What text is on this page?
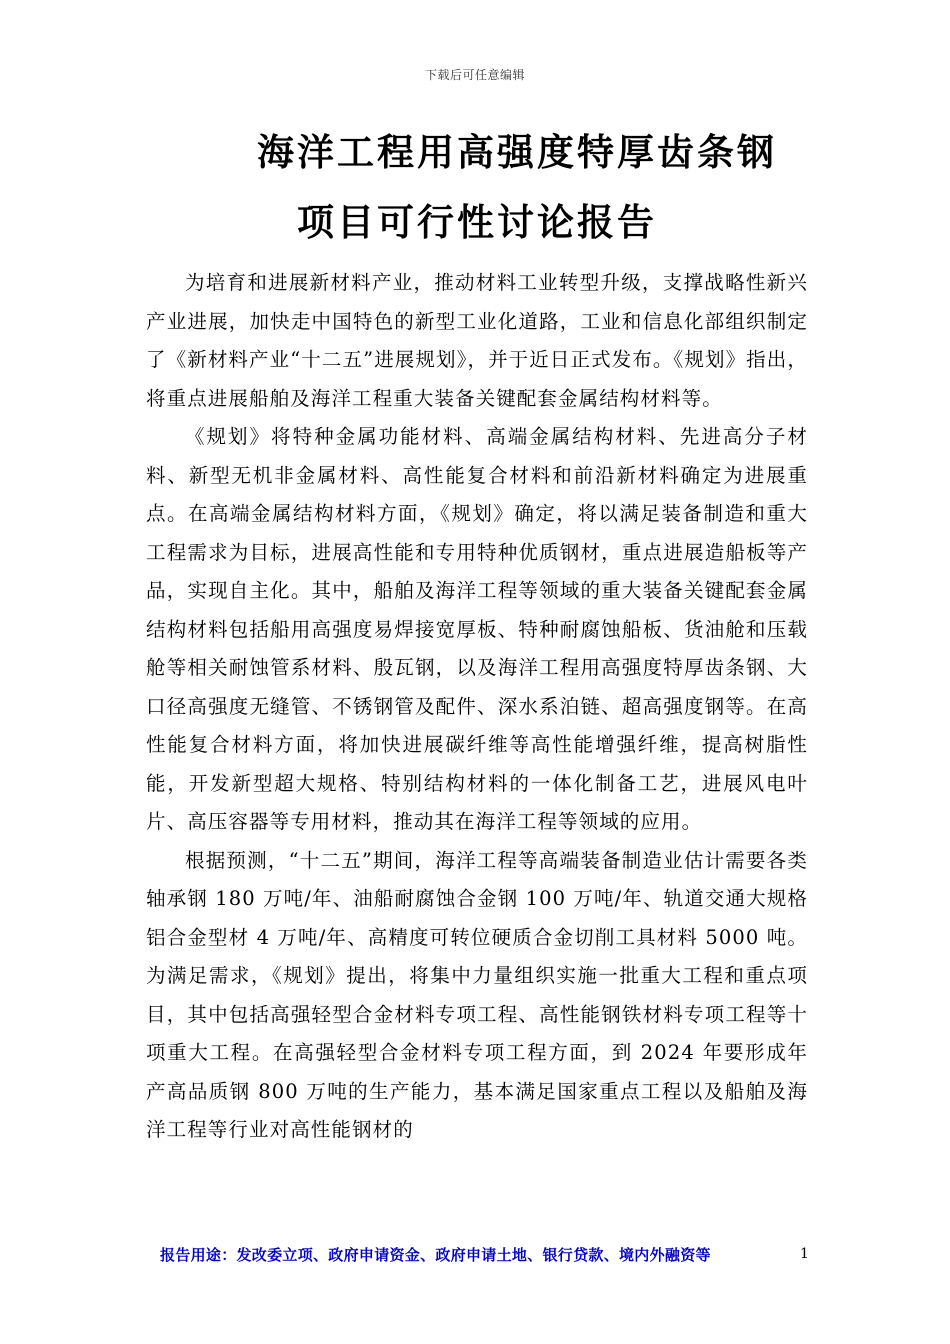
下载后可任意编辑
海洋工程用高强度特厚齿条钢
项目可行性讨论报告

为培育和进展新材料产业，推动材料工业转型升级，支撑战略性新兴产业进展，加快走中国特色的新型工业化道路，工业和信息化部组织制定了《新材料产业“十二五”进展规划》，并于近日正式发布。《规划》指出，将重点进展船舶及海洋工程重大装备关键配套金属结构材料等。

《规划》将特种金属功能材料、高端金属结构材料、先进高分子材料、新型无机非金属材料、高性能复合材料和前沿新材料确定为进展重点。在高端金属结构材料方面，《规划》确定，将以满足装备制造和重大工程需求为目标，进展高性能和专用特种优质钢材，重点进展造船板等产品，实现自主化。其中，船舶及海洋工程等领域的重大装备关键配套金属结构材料包括船用高强度易焊接宽厚板、特种耐腐蚀船板、货油舱和压载舱等相关耐蚀管系材料、殷瓦钢，以及海洋工程用高强度特厚齿条钢、大口径高强度无缝管、不锈钢管及配件、深水系泊链、超高强度钢等。在高性能复合材料方面，将加快进展碳纤维等高性能增强纤维，提高树脂性能，开发新型超大规格、特别结构材料的一体化制备工艺，进展风电叶片、高压容器等专用材料，推动其在海洋工程等领域的应用。

根据预测，“十二五”期间，海洋工程等高端装备制造业估计需要各类轴承钢 180 万吨/年、油船耐腐蚀合金钢 100 万吨/年、轨道交通大规格铝合金型材 4 万吨/年、高精度可转位硬质合金切削工具材料 5000 吨。为满足需求，《规划》提出，将集中力量组织实施一批重大工程和重点项目，其中包括高强轻型合金材料专项工程、高性能钢铁材料专项工程等十项重大工程。在高强轻型合金材料专项工程方面，到 2024 年要形成年产高品质钢 800 万吨的生产能力，基本满足国家重点工程以及船舶及海洋工程等行业对高性能钢材的

报告用途：发改委立项、政府申请资金、政府申请土地、银行贷款、境内外融资等	1
